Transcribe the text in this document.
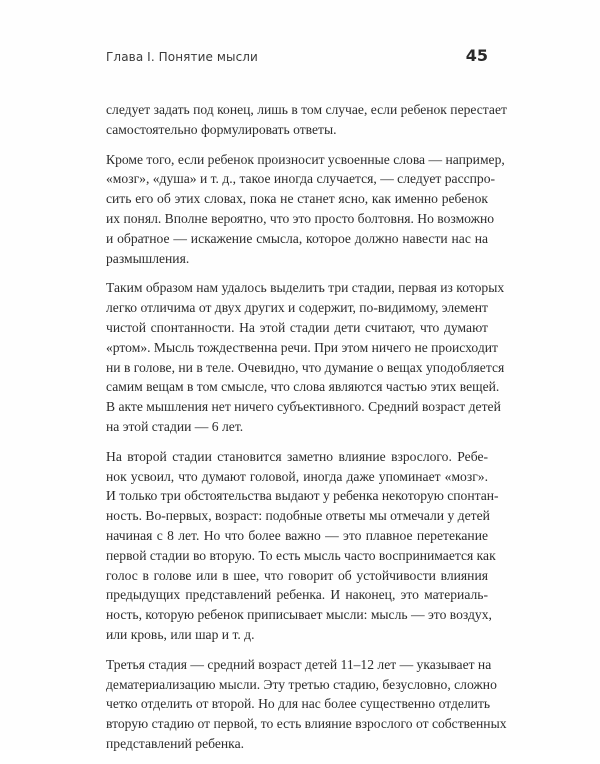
Глава I. Понятие мысли	45
следует задать под конец, лишь в том случае, если ребенок перестает
самостоятельно формулировать ответы.
Кроме того, если ребенок произносит усвоенные слова — например,
«мозг», «душа» и т. д., такое иногда случается, — следует расспро-
сить его об этих словах, пока не станет ясно, как именно ребенок
их понял. Вполне вероятно, что это просто болтовня. Но возможно
и обратное — искажение смысла, которое должно навести нас на
размышления.
Таким образом нам удалось выделить три стадии, первая из которых
легко отличима от двух других и содержит, по-видимому, элемент
чистой спонтанности. На этой стадии дети считают, что думают
«ртом». Мысль тождественна речи. При этом ничего не происходит
ни в голове, ни в теле. Очевидно, что думание о вещах уподобляется
самим вещам в том смысле, что слова являются частью этих вещей.
В акте мышления нет ничего субъективного. Средний возраст детей
на этой стадии — 6 лет.
На второй стадии становится заметно влияние взрослого. Ребе-
нок усвоил, что думают головой, иногда даже упоминает «мозг».
И только три обстоятельства выдают у ребенка некоторую спонтан-
ность. Во-первых, возраст: подобные ответы мы отмечали у детей
начиная с 8 лет. Но что более важно — это плавное перетекание
первой стадии во вторую. То есть мысль часто воспринимается как
голос в голове или в шее, что говорит об устойчивости влияния
предыдущих представлений ребенка. И наконец, это материаль-
ность, которую ребенок приписывает мысли: мысль — это воздух,
или кровь, или шар и т. д.
Третья стадия — средний возраст детей 11–12 лет — указывает на
дематериализацию мысли. Эту третью стадию, безусловно, сложно
четко отделить от второй. Но для нас более существенно отделить
вторую стадию от первой, то есть влияние взрослого от собственных
представлений ребенка.
